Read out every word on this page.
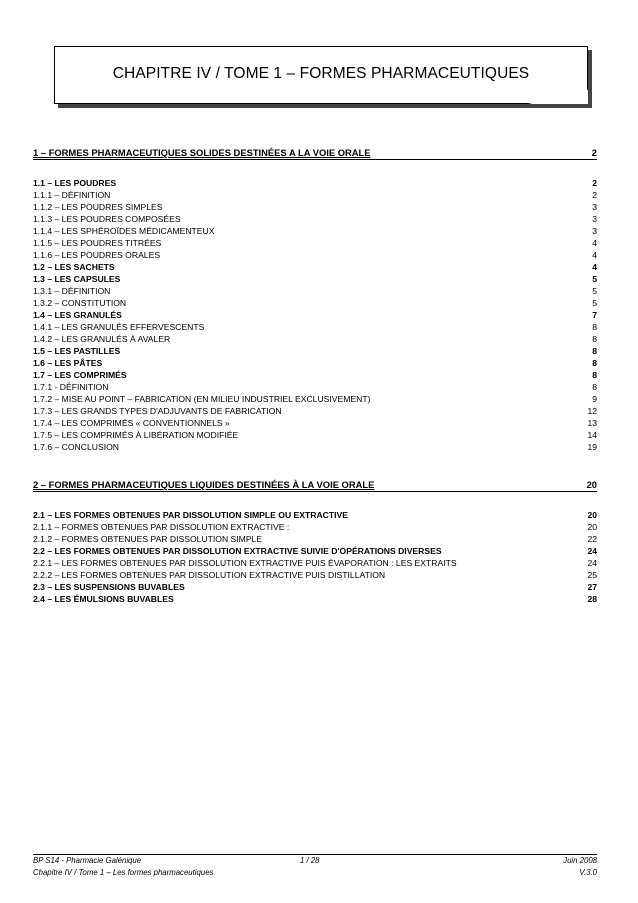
CHAPITRE IV / TOME 1 – FORMES PHARMACEUTIQUES
1 – FORMES PHARMACEUTIQUES SOLIDES DESTINÉES A LA VOIE ORALE	2
1.1 – LES POUDRES	2
1.1.1 – DÉFINITION	2
1.1.2 – LES POUDRES SIMPLES	3
1.1.3 – LES POUDRES COMPOSÉES	3
1.1.4 – LES SPHÉROÏDES MÉDICAMENTEUX	3
1.1.5 – LES POUDRES TITRÉES	4
1.1.6 – LES POUDRES ORALES	4
1.2 – LES SACHETS	4
1.3 – LES CAPSULES	5
1.3.1 – DÉFINITION	5
1.3.2 – CONSTITUTION	5
1.4 – LES GRANULÉS	7
1.4.1 – LES GRANULÉS EFFERVESCENTS	8
1.4.2 – LES GRANULÉS À AVALER	8
1.5 – LES PASTILLES	8
1.6 – LES PÂTES	8
1.7 – LES COMPRIMÉS	8
1.7.1 - DÉFINITION	8
1.7.2 – MISE AU POINT – FABRICATION (EN MILIEU INDUSTRIEL EXCLUSIVEMENT)	9
1.7.3 – LES GRANDS TYPES D'ADJUVANTS DE FABRICATION	12
1.7.4 – LES COMPRIMÉS « CONVENTIONNELS »	13
1.7.5 – LES COMPRIMÉS À LIBÉRATION MODIFIÉE	14
1.7.6 – CONCLUSION	19
2 – FORMES PHARMACEUTIQUES LIQUIDES DESTINÉES À LA VOIE ORALE	20
2.1 – LES FORMES OBTENUES PAR DISSOLUTION SIMPLE OU EXTRACTIVE	20
2.1.1 – FORMES OBTENUES PAR DISSOLUTION EXTRACTIVE :	20
2.1.2 – FORMES OBTENUES PAR DISSOLUTION SIMPLE	22
2.2 – LES FORMES OBTENUES PAR DISSOLUTION EXTRACTIVE SUIVIE D'OPÉRATIONS DIVERSES	24
2.2.1 – LES FORMES OBTENUES PAR DISSOLUTION EXTRACTIVE PUIS ÉVAPORATION : LES EXTRAITS	24
2.2.2 – LES FORMES OBTENUES PAR DISSOLUTION EXTRACTIVE PUIS DISTILLATION	25
2.3 – LES SUSPENSIONS BUVABLES	27
2.4 – LES ÉMULSIONS BUVABLES	28
BP S14 - Pharmacie Galénique	1 / 28	Juin 2008
Chapitre IV / Tome 1 – Les formes pharmaceutiques	V.3.0
